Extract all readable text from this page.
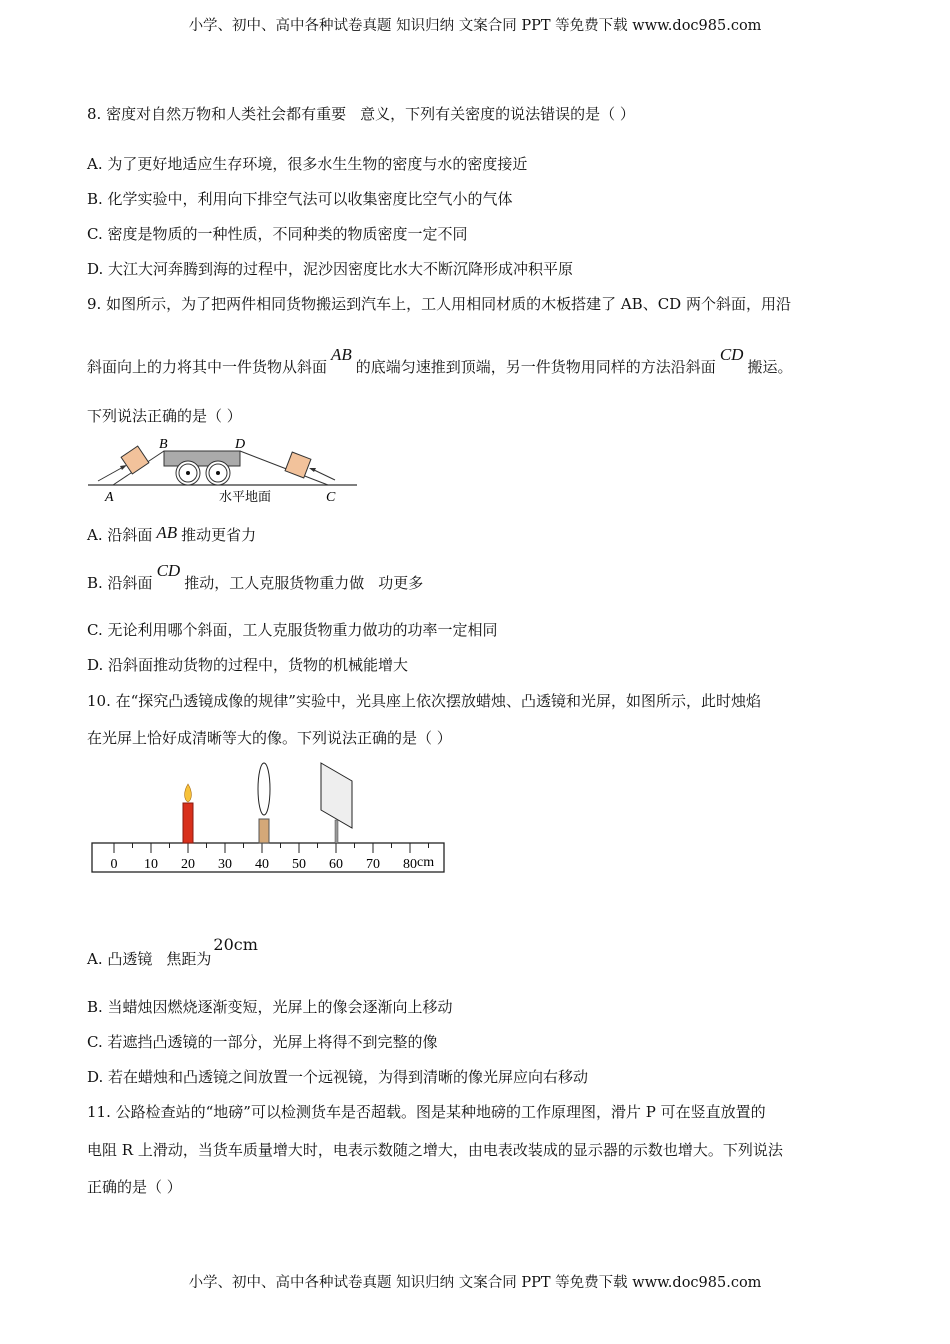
小学、初中、高中各种试卷真题 知识归纳 文案合同 PPT 等免费下载 www.doc985.com
8. 密度对自然万物和人类社会都有重要 意义，下列有关密度的说法错误的是（ ）
A. 为了更好地适应生存环境，很多水生生物的密度与水的密度接近
B. 化学实验中，利用向下排空气法可以收集密度比空气小的气体
C. 密度是物质的一种性质，不同种类的物质密度一定不同
D. 大江大河奔腾到海的过程中，泥沙因密度比水大不断沉降形成冲积平原
9. 如图所示，为了把两件相同货物搬运到汽车上，工人用相同材质的木板搭建了 AB、CD 两个斜面，用沿
斜面向上的力将其中一件货物从斜面AB的底端匀速推到顶端，另一件货物用同样的方法沿斜面CD搬运。
下列说法正确的是（ ）
A
B	D
C
水平地面
A. 沿斜面 AB 推动更省力
B. 沿斜面CD推动，工人克服货物重力做 功更多
C. 无论利用哪个斜面，工人克服货物重力做功的功率一定相同
D. 沿斜面推动货物的过程中，货物的机械能增大
10. 在“探究凸透镜成像的规律”实验中，光具座上依次摆放蜡烛、凸透镜和光屏，如图所示，此时烛焰
在光屏上恰好成清晰等大的像。下列说法正确的是（ ）
0 10 20 30 40 50 60 70 80 cm
A. 凸透镜 焦距为20cm
B. 当蜡烛因燃烧逐渐变短，光屏上的像会逐渐向上移动
C. 若遮挡凸透镜的一部分，光屏上将得不到完整的像
D. 若在蜡烛和凸透镜之间放置一个远视镜，为得到清晰的像光屏应向右移动
11. 公路检查站的“地磅”可以检测货车是否超载。图是某种地磅的工作原理图，滑片 P 可在竖直放置的
电阻 R 上滑动，当货车质量增大时，电表示数随之增大，由电表改装成的显示器的示数也增大。下列说法
正确的是（ ）
小学、初中、高中各种试卷真题 知识归纳 文案合同 PPT 等免费下载 www.doc985.com
